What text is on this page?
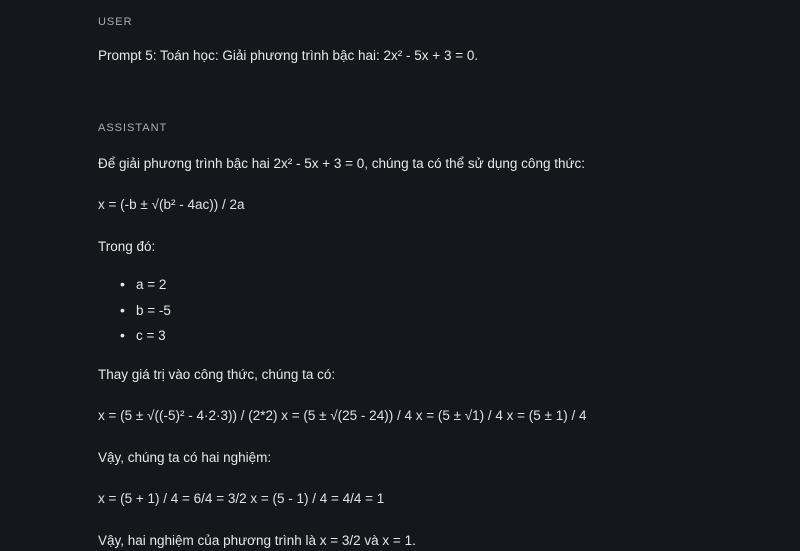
USER
Prompt 5: Toán học: Giải phương trình bậc hai: 2x² - 5x + 3 = 0.
ASSISTANT
Để giải phương trình bậc hai 2x² - 5x + 3 = 0, chúng ta có thể sử dụng công thức:
x = (-b ± √(b² - 4ac)) / 2a
Trong đó:
• a = 2
• b = -5
• c = 3
Thay giá trị vào công thức, chúng ta có:
x = (5 ± √((-5)² - 4·2·3)) / (2*2) x = (5 ± √(25 - 24)) / 4 x = (5 ± √1) / 4 x = (5 ± 1) / 4
Vậy, chúng ta có hai nghiệm:
x = (5 + 1) / 4 = 6/4 = 3/2 x = (5 - 1) / 4 = 4/4 = 1
Vậy, hai nghiệm của phương trình là x = 3/2 và x = 1.
